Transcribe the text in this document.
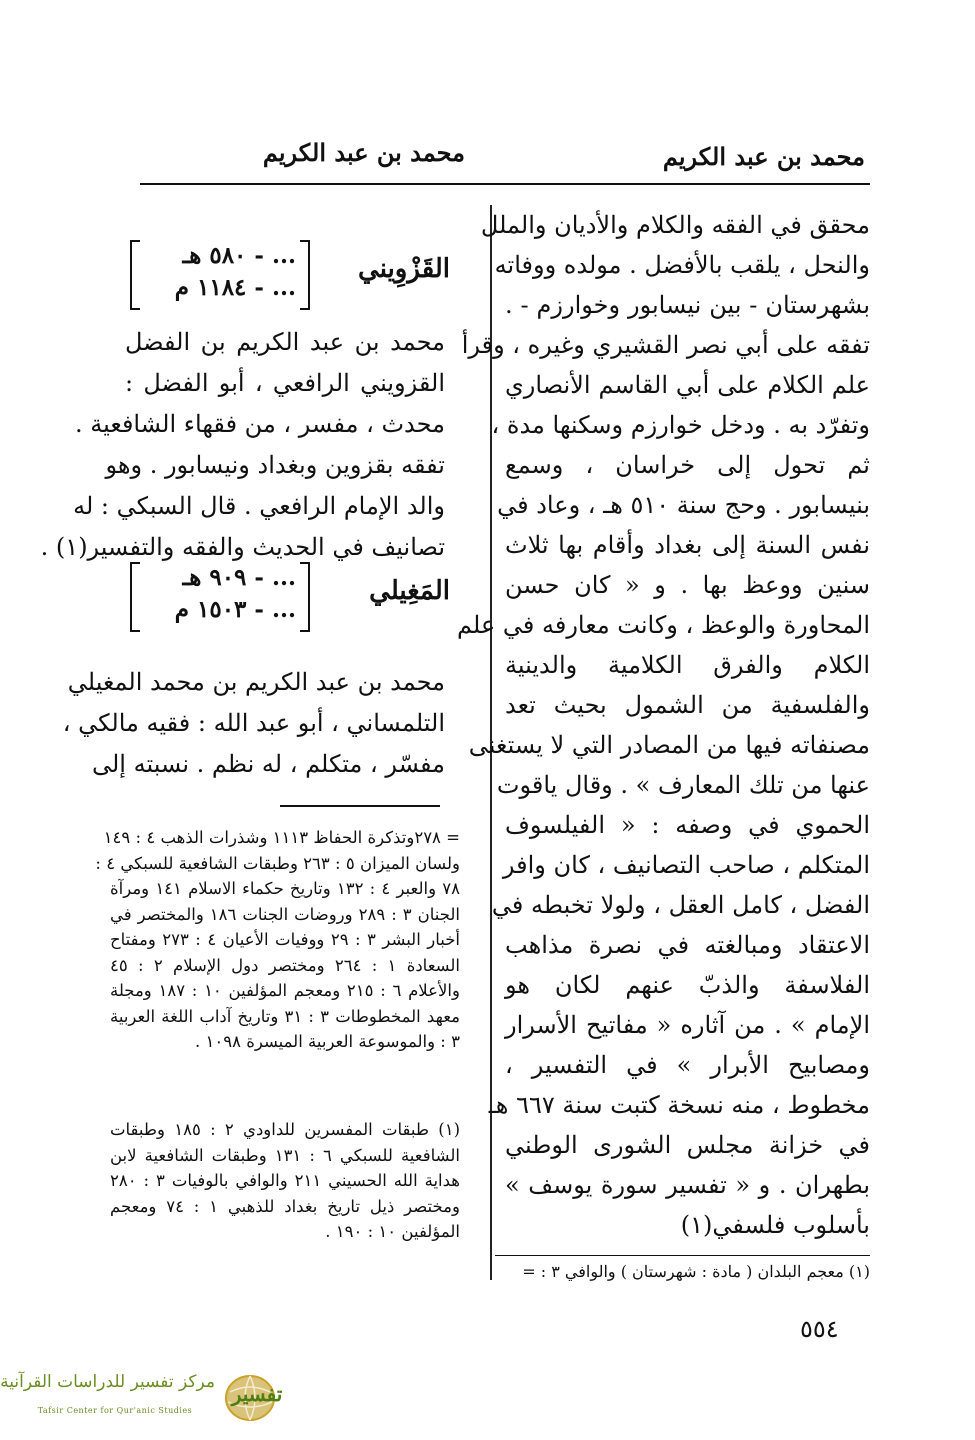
محمد بن عبد الكريم
محمد بن عبد الكريم
محقق في الفقه والكلام والأديان والملل
والنحل ، يلقب بالأفضل . مولده ووفاته
بشهرستان - بين نيسابور وخوارزم - .
تفقه على أبي نصر القشيري وغيره ، وقرأ
علم الكلام على أبي القاسم الأنصاري
وتفرّد به . ودخل خوارزم وسكنها مدة ،
ثم تحول إلى خراسان ، وسمع
بنيسابور . وحج سنة ٥١٠ هـ ، وعاد في
نفس السنة إلى بغداد وأقام بها ثلاث
سنين ووعظ بها . و « كان حسن
المحاورة والوعظ ، وكانت معارفه في علم
الكلام والفرق الكلامية والدينية
والفلسفية من الشمول بحيث تعد
مصنفاته فيها من المصادر التي لا يستغنى
عنها من تلك المعارف » . وقال ياقوت
الحموي في وصفه : « الفيلسوف
المتكلم ، صاحب التصانيف ، كان وافر
الفضل ، كامل العقل ، ولولا تخبطه في
الاعتقاد ومبالغته في نصرة مذاهب
الفلاسفة والذبّ عنهم لكان هو
الإمام » . من آثاره « مفاتيح الأسرار
ومصابيح الأبرار » في التفسير ،
مخطوط ، منه نسخة كتبت سنة ٦٦٧ هـ
في خزانة مجلس الشورى الوطني
بطهران . و « تفسير سورة يوسف »
بأسلوب فلسفي(١)
القَزْوِيني
... - ٥٨٠ هـ
... - ١١٨٤ م
محمد بن عبد الكريم بن الفضل
القزويني الرافعي ، أبو الفضل :
محدث ، مفسر ، من فقهاء الشافعية .
تفقه بقزوين وبغداد ونيسابور . وهو
والد الإمام الرافعي . قال السبكي : له
تصانيف في الحديث والفقه والتفسير(١) .
المَغِيلي
... - ٩٠٩ هـ
... - ١٥٠٣ م
محمد بن عبد الكريم بن محمد المغيلي
التلمساني ، أبو عبد الله : فقيه مالكي ،
مفسّر ، متكلم ، له نظم . نسبته إلى
= ٢٧٨وتذكرة الحفاظ ١١١٣ وشذرات الذهب ٤ : ١٤٩
ولسان الميزان ٥ : ٢٦٣ وطبقات الشافعية للسبكي ٤ :
٧٨ والعبر ٤ : ١٣٢ وتاريخ حكماء الاسلام ١٤١ ومرآة
الجنان ٣ : ٢٨٩ وروضات الجنات ١٨٦ والمختصر في
أخبار البشر ٣ : ٢٩ ووفيات الأعيان ٤ : ٢٧٣ ومفتاح
السعادة ١ : ٢٦٤ ومختصر دول الإسلام ٢ : ٤٥
والأعلام ٦ : ٢١٥ ومعجم المؤلفين ١٠ : ١٨٧ ومجلة
معهد المخطوطات ٣ : ٣١ وتاريخ آداب اللغة العربية
٣ : والموسوعة العربية الميسرة ١٠٩٨ .
(١) طبقات المفسرين للداودي ٢ : ١٨٥ وطبقات
الشافعية للسبكي ٦ : ١٣١ وطبقات الشافعية لابن
هداية الله الحسيني ٢١١ والوافي بالوفيات ٣ : ٢٨٠
ومختصر ذيل تاريخ بغداد للذهبي ١ : ٧٤ ومعجم
المؤلفين ١٠ : ١٩٠ .
(١) معجم البلدان ( مادة : شهرستان ) والوافي ٣ : =
٥٥٤
مركز تفسير للدراسات القرآنية
Tafsir Center for Qur'anic Studies
تفسير
